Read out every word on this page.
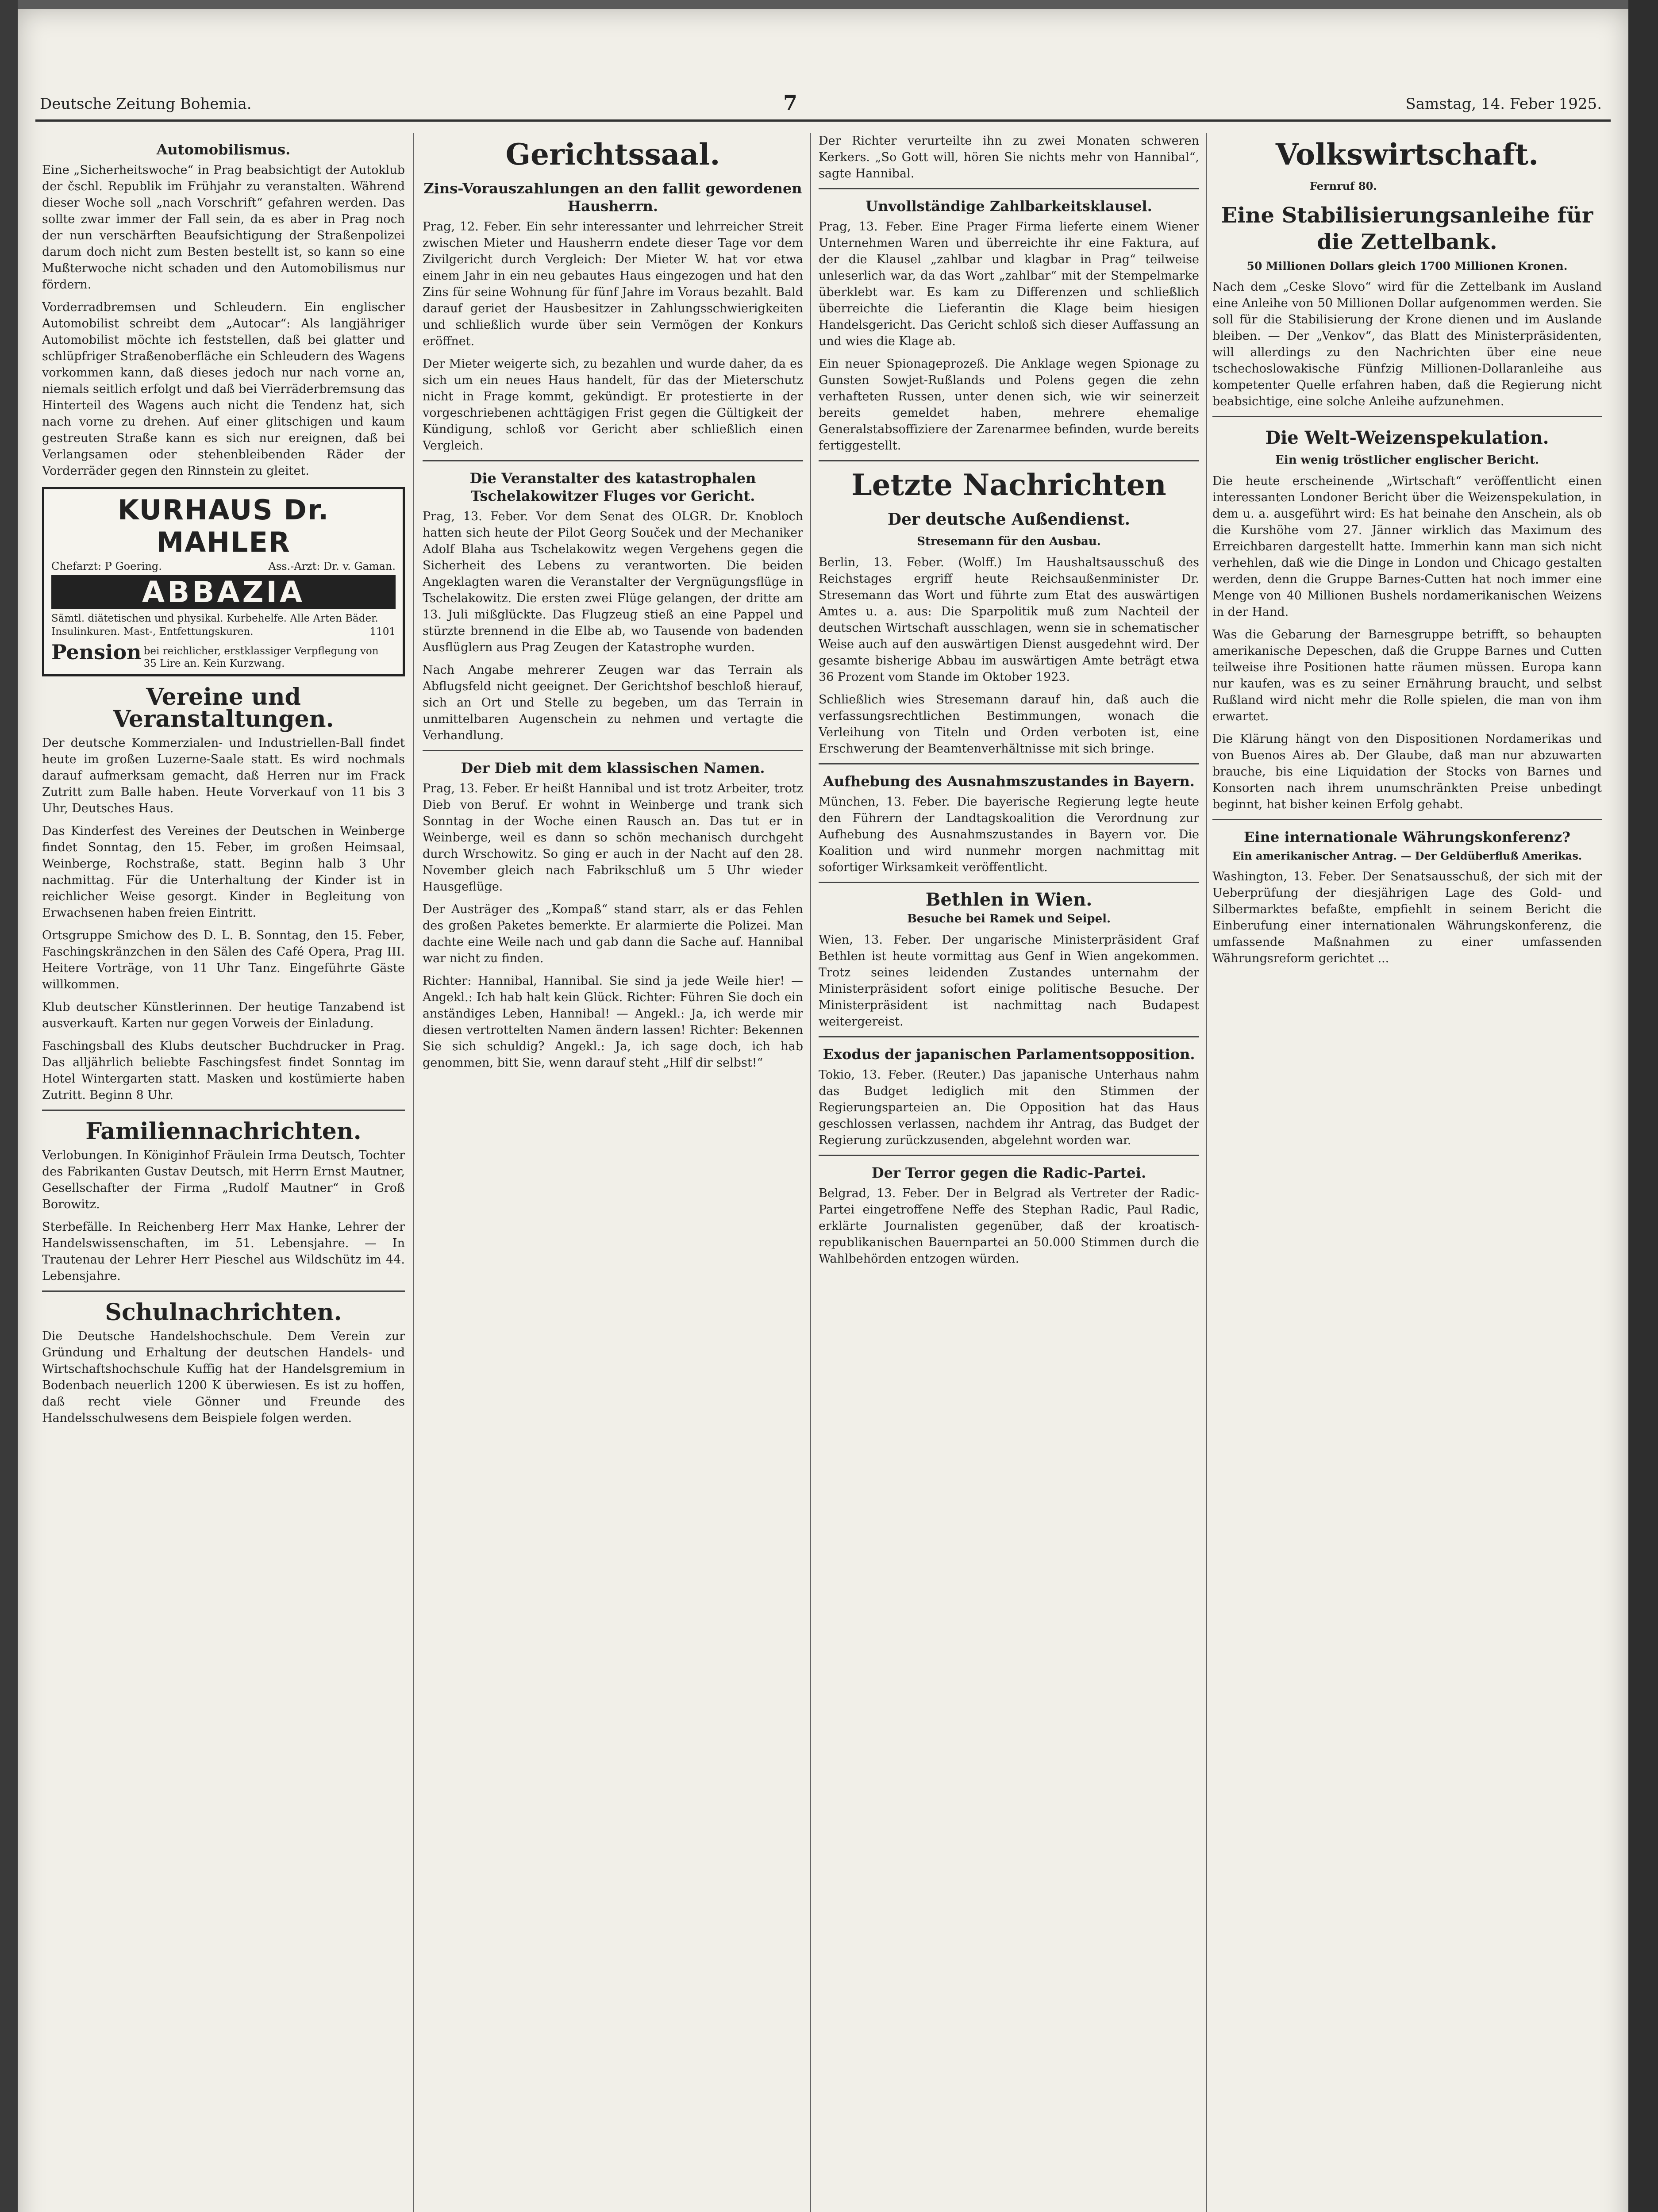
Deutsche Zeitung Bohemia.	7	Samstag, 14. Feber 1925.
Automobilismus.

Eine „Sicherheitswoche“ in Prag beabsichtigt der Autoklub der čschl. Republik im Frühjahr zu veranstalten. Während dieser Woche soll „nach Vorschrift“ gefahren werden. Das sollte zwar immer der Fall sein, da es aber in Prag noch der nun verschärften Beaufsichtigung der Straßenpolizei darum doch nicht zum Besten bestellt ist, so kann so eine Mußterwoche nicht schaden und den Automobilismus nur fördern.

Vorderradbremsen und Schleudern. Ein englischer Automobilist schreibt dem „Autocar“: Als langjähriger Automobilist möchte ich feststellen, daß bei glatter und schlüpfriger Straßenoberfläche ein Schleudern des Wagens vorkommen kann, daß dieses jedoch nur nach vorne an, niemals seitlich erfolgt und daß bei Vierräderbremsung das Hinterteil des Wagens auch nicht die Tendenz hat, sich nach vorne zu drehen. Auf einer glitschigen und kaum gestreuten Straße kann es sich nur ereignen, daß bei Verlangsamen oder stehenbleibenden Räder der Vorderräder gegen den Rinnstein zu gleitet.

KURHAUS Dr. MAHLER
Chefarzt: P Goering.	Ass.-Arzt: Dr. v. Gaman.
ABBAZIA
Sämtl. diätetischen und physikal. Kurbehelfe. Alle Arten Bäder. Insulinkuren. Mast-, Entfettungskuren.	1101
Pension bei reichlicher, erstklassiger Verpflegung von 35 Lire an. Kein Kurzwang.
Vereine und Veranstaltungen.

Der deutsche Kommerzialen- und Industriellen-Ball findet heute im großen Luzerne-Saale statt. Es wird nochmals darauf aufmerksam gemacht, daß Herren nur im Frack Zutritt zum Balle haben. Heute Vorverkauf von 11 bis 3 Uhr, Deutsches Haus.

Das Kinderfest des Vereines der Deutschen in Weinberge findet Sonntag, den 15. Feber, im großen Heimsaal, Weinberge, Rochstraße, statt. Beginn halb 3 Uhr nachmittag. Für die Unterhaltung der Kinder ist in reichlicher Weise gesorgt. Kinder in Begleitung von Erwachsenen haben freien Eintritt.

Ortsgruppe Smichow des D. L. B. Sonntag, den 15. Feber, Faschingskränzchen in den Sälen des Café Opera, Prag III. Heitere Vorträge, von 11 Uhr Tanz. Eingeführte Gäste willkommen.

Klub deutscher Künstlerinnen. Der heutige Tanzabend ist ausverkauft. Karten nur gegen Vorweis der Einladung.

Faschingsball des Klubs deutscher Buchdrucker in Prag. Das alljährlich beliebte Faschingsfest findet Sonntag im Hotel Wintergarten statt. Masken und kostümierte haben Zutritt. Beginn 8 Uhr.

Familiennachrichten.

Verlobungen. In Königinhof Fräulein Irma Deutsch, Tochter des Fabrikanten Gustav Deutsch, mit Herrn Ernst Mautner, Gesellschafter der Firma „Rudolf Mautner“ in Groß Borowitz.

Sterbefälle. In Reichenberg Herr Max Hanke, Lehrer der Handelswissenschaften, im 51. Lebensjahre. — In Trautenau der Lehrer Herr Pieschel aus Wildschütz im 44. Lebensjahre.

Schulnachrichten.

Die Deutsche Handelshochschule. Dem Verein zur Gründung und Erhaltung der deutschen Handels- und Wirtschaftshochschule Kuffig hat der Handelsgremium in Bodenbach neuerlich 1200 K überwiesen. Es ist zu hoffen, daß recht viele Gönner und Freunde des Handelsschulwesens dem Beispiele folgen werden.

Gerichtssaal.
Zins-Vorauszahlungen an den fallit gewordenen Hausherrn.

Prag, 12. Feber. Ein sehr interessanter und lehrreicher Streit zwischen Mieter und Hausherrn endete dieser Tage vor dem Zivilgericht durch Vergleich: Der Mieter W. hat vor etwa einem Jahr in ein neu gebautes Haus eingezogen und hat den Zins für seine Wohnung für fünf Jahre im Voraus bezahlt. Bald darauf geriet der Hausbesitzer in Zahlungsschwierigkeiten und schließlich wurde über sein Vermögen der Konkurs eröffnet.

Der Mieter weigerte sich, zu bezahlen und wurde daher, da es sich um ein neues Haus handelt, für das der Mieterschutz nicht in Frage kommt, gekündigt. Er protestierte in der vorgeschriebenen achttägigen Frist gegen die Gültigkeit der Kündigung, schloß vor Gericht aber schließlich einen Vergleich.

Die Veranstalter des katastrophalen Tschelakowitzer Fluges vor Gericht.

Prag, 13. Feber. Vor dem Senat des OLGR. Dr. Knobloch hatten sich heute der Pilot Georg Souček und der Mechaniker Adolf Blaha aus Tschelakowitz wegen Vergehens gegen die Sicherheit des Lebens zu verantworten. Die beiden Angeklagten waren die Veranstalter der Vergnügungsflüge in Tschelakowitz. Die ersten zwei Flüge gelangen, der dritte am 13. Juli mißglückte. Das Flugzeug stieß an eine Pappel und stürzte brennend in die Elbe ab, wo Tausende von badenden Ausflüglern aus Prag Zeugen der Katastrophe wurden.

Nach Angabe mehrerer Zeugen war das Terrain als Abflugsfeld nicht geeignet. Der Gerichtshof beschloß hierauf, sich an Ort und Stelle zu begeben, um das Terrain in unmittelbaren Augenschein zu nehmen und vertagte die Verhandlung.

Der Dieb mit dem klassischen Namen.

Prag, 13. Feber. Er heißt Hannibal und ist trotz Arbeiter, trotz Dieb von Beruf. Er wohnt in Weinberge und trank sich Sonntag in der Woche einen Rausch an. Das tut er in Weinberge, weil es dann so schön mechanisch durchgeht durch Wrschowitz. So ging er auch in der Nacht auf den 28. November gleich nach Fabrikschluß um 5 Uhr wieder Hausgeflüge.

Der Austräger des „Kompaß“ stand starr, als er das Fehlen des großen Paketes bemerkte. Er alarmierte die Polizei. Man dachte eine Weile nach und gab dann die Sache auf. Hannibal war nicht zu finden.

Richter: Hannibal, Hannibal. Sie sind ja jede Weile hier! — Angekl.: Ich hab halt kein Glück. Richter: Führen Sie doch ein anständiges Leben, Hannibal! — Angekl.: Ja, ich werde mir diesen vertrottelten Namen ändern lassen! Richter: Bekennen Sie sich schuldig? Angekl.: Ja, ich sage doch, ich hab genommen, bitt Sie, wenn darauf steht „Hilf dir selbst!“

Der Richter verurteilte ihn zu zwei Monaten schweren Kerkers. „So Gott will, hören Sie nichts mehr von Hannibal“, sagte Hannibal.

Unvollständige Zahlbarkeitsklausel.

Prag, 13. Feber. Eine Prager Firma lieferte einem Wiener Unternehmen Waren und überreichte ihr eine Faktura, auf der die Klausel „zahlbar und klagbar in Prag“ teilweise unleserlich war, da das Wort „zahlbar“ mit der Stempelmarke überklebt war. Es kam zu Differenzen und schließlich überreichte die Lieferantin die Klage beim hiesigen Handelsgericht. Das Gericht schloß sich dieser Auffassung an und wies die Klage ab.

Ein neuer Spionageprozeß. Die Anklage wegen Spionage zu Gunsten Sowjet-Rußlands und Polens gegen die zehn verhafteten Russen, unter denen sich, wie wir seinerzeit bereits gemeldet haben, mehrere ehemalige Generalstabsoffiziere der Zarenarmee befinden, wurde bereits fertiggestellt.

Letzte Nachrichten
Der deutsche Außendienst.
Stresemann für den Ausbau.

Berlin, 13. Feber. (Wolff.) Im Haushaltsausschuß des Reichstages ergriff heute Reichsaußenminister Dr. Stresemann das Wort und führte zum Etat des auswärtigen Amtes u. a. aus: Die Sparpolitik muß zum Nachteil der deutschen Wirtschaft ausschlagen, wenn sie in schematischer Weise auch auf den auswärtigen Dienst ausgedehnt wird. Der gesamte bisherige Abbau im auswärtigen Amte beträgt etwa 36 Prozent vom Stande im Oktober 1923.

Schließlich wies Stresemann darauf hin, daß auch die verfassungsrechtlichen Bestimmungen, wonach die Verleihung von Titeln und Orden verboten ist, eine Erschwerung der Beamtenverhältnisse mit sich bringe.

Aufhebung des Ausnahmszustandes in Bayern.

München, 13. Feber. Die bayerische Regierung legte heute den Führern der Landtagskoalition die Verordnung zur Aufhebung des Ausnahmszustandes in Bayern vor. Die Koalition und wird nunmehr morgen nachmittag mit sofortiger Wirksamkeit veröffentlicht.

Bethlen in Wien.
Besuche bei Ramek und Seipel.

Wien, 13. Feber. Der ungarische Ministerpräsident Graf Bethlen ist heute vormittag aus Genf in Wien angekommen. Trotz seines leidenden Zustandes unternahm der Ministerpräsident sofort einige politische Besuche. Der Ministerpräsident ist nachmittag nach Budapest weitergereist.

Exodus der japanischen Parlamentsopposition.

Tokio, 13. Feber. (Reuter.) Das japanische Unterhaus nahm das Budget lediglich mit den Stimmen der Regierungsparteien an. Die Opposition hat das Haus geschlossen verlassen, nachdem ihr Antrag, das Budget der Regierung zurückzusenden, abgelehnt worden war.

Der Terror gegen die Radic-Partei.

Belgrad, 13. Feber. Der in Belgrad als Vertreter der Radic-Partei eingetroffene Neffe des Stephan Radic, Paul Radic, erklärte Journalisten gegenüber, daß der kroatisch-republikanischen Bauernpartei an 50.000 Stimmen durch die Wahlbehörden entzogen würden.

Volkswirtschaft.
Fernruf 80.
Eine Stabilisierungsanleihe für die Zettelbank.
50 Millionen Dollars gleich 1700 Millionen Kronen.

Nach dem „Ceske Slovo“ wird für die Zettelbank im Ausland eine Anleihe von 50 Millionen Dollar aufgenommen werden. Sie soll für die Stabilisierung der Krone dienen und im Auslande bleiben. — Der „Venkov“, das Blatt des Ministerpräsidenten, will allerdings zu den Nachrichten über eine neue tschechoslowakische Fünfzig Millionen-Dollaranleihe aus kompetenter Quelle erfahren haben, daß die Regierung nicht beabsichtige, eine solche Anleihe aufzunehmen.

Die Welt-Weizenspekulation.
Ein wenig tröstlicher englischer Bericht.

Die heute erscheinende „Wirtschaft“ veröffentlicht einen interessanten Londoner Bericht über die Weizenspekulation, in dem u. a. ausgeführt wird: Es hat beinahe den Anschein, als ob die Kurshöhe vom 27. Jänner wirklich das Maximum des Erreichbaren dargestellt hatte. Immerhin kann man sich nicht verhehlen, daß wie die Dinge in London und Chicago gestalten werden, denn die Gruppe Barnes-Cutten hat noch immer eine Menge von 40 Millionen Bushels nordamerikanischen Weizens in der Hand.

Was die Gebarung der Barnesgruppe betrifft, so behaupten amerikanische Depeschen, daß die Gruppe Barnes und Cutten teilweise ihre Positionen hatte räumen müssen. Europa kann nur kaufen, was es zu seiner Ernährung braucht, und selbst Rußland wird nicht mehr die Rolle spielen, die man von ihm erwartet.

Die Klärung hängt von den Dispositionen Nordamerikas und von Buenos Aires ab. Der Glaube, daß man nur abzuwarten brauche, bis eine Liquidation der Stocks von Barnes und Konsorten nach ihrem unumschränkten Preise unbedingt beginnt, hat bisher keinen Erfolg gehabt.

Eine internationale Währungskonferenz?
Ein amerikanischer Antrag. — Der Geldüberfluß Amerikas.

Washington, 13. Feber. Der Senatsausschuß, der sich mit der Ueberprüfung der diesjährigen Lage des Gold- und Silbermarktes befaßte, empfiehlt in seinem Bericht die Einberufung einer internationalen Währungskonferenz, die umfassende Maßnahmen zu einer umfassenden Währungsreform gerichtet ...
